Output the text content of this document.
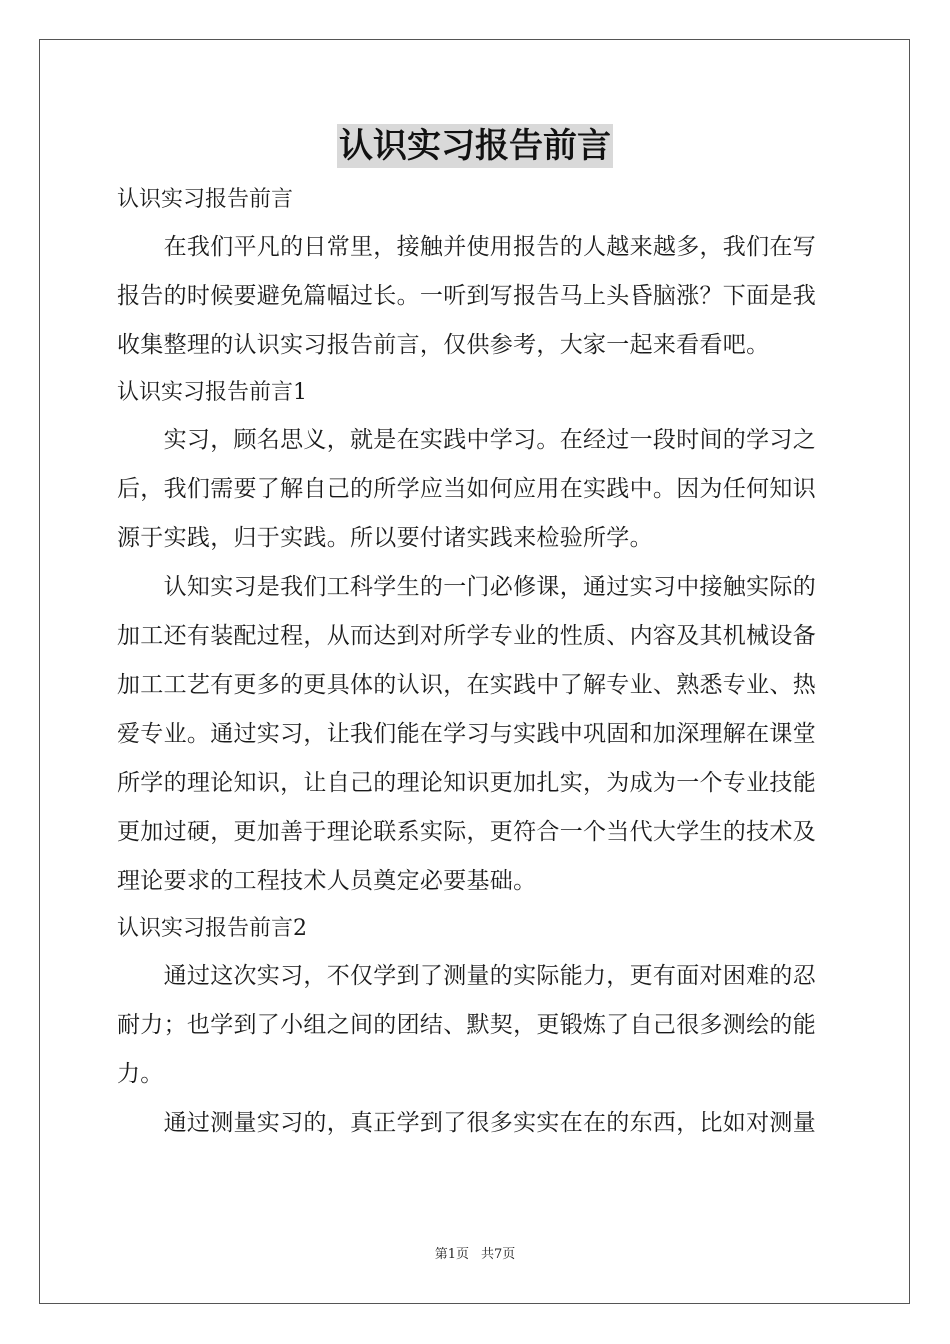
认识实习报告前言
认识实习报告前言
　　在我们平凡的日常里，接触并使用报告的人越来越多，我们在写
报告的时候要避免篇幅过长。一听到写报告马上头昏脑涨？下面是我
收集整理的认识实习报告前言，仅供参考，大家一起来看看吧。
认识实习报告前言1
　　实习，顾名思义，就是在实践中学习。在经过一段时间的学习之
后，我们需要了解自己的所学应当如何应用在实践中。因为任何知识
源于实践，归于实践。所以要付诸实践来检验所学。
　　认知实习是我们工科学生的一门必修课，通过实习中接触实际的
加工还有装配过程，从而达到对所学专业的性质、内容及其机械设备
加工工艺有更多的更具体的认识，在实践中了解专业、熟悉专业、热
爱专业。通过实习，让我们能在学习与实践中巩固和加深理解在课堂
所学的理论知识，让自己的理论知识更加扎实，为成为一个专业技能
更加过硬，更加善于理论联系实际，更符合一个当代大学生的技术及
理论要求的工程技术人员奠定必要基础。
认识实习报告前言2
　　通过这次实习，不仅学到了测量的实际能力，更有面对困难的忍
耐力；也学到了小组之间的团结、默契，更锻炼了自己很多测绘的能
力。
　　通过测量实习的，真正学到了很多实实在在的东西，比如对测量
第1页 共7页
